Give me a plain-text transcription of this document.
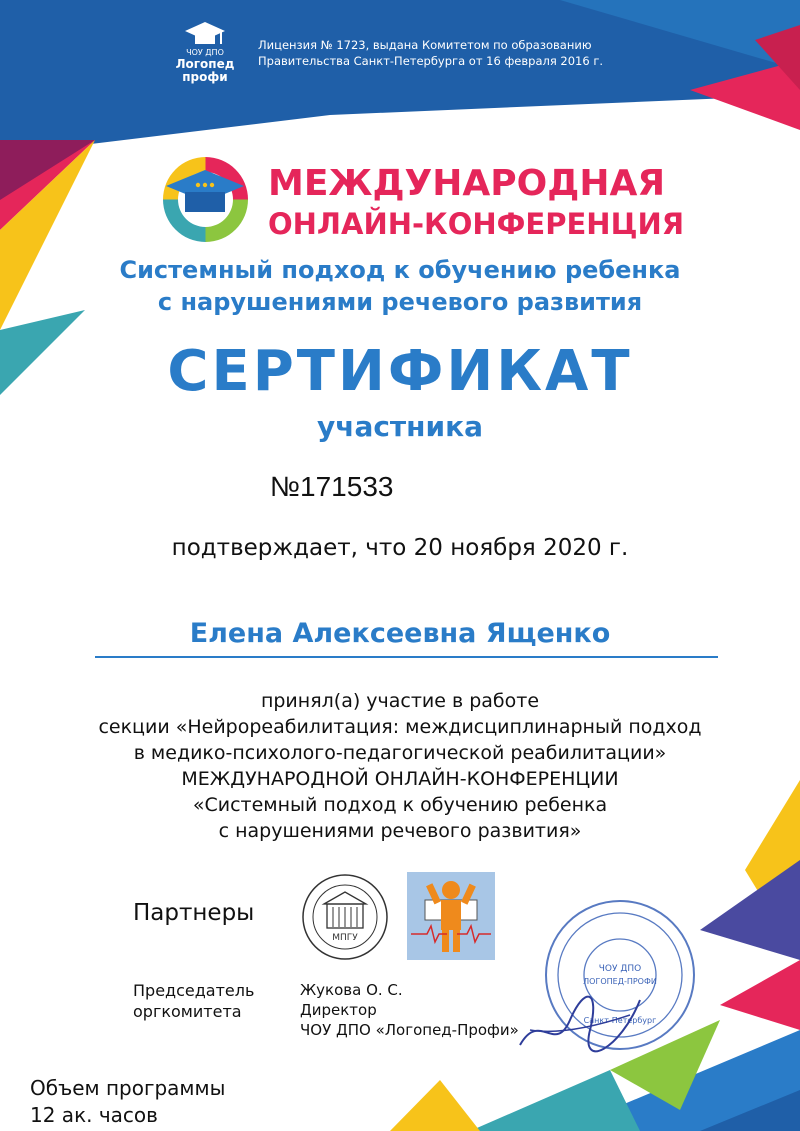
ЧОУ ДПО
Логопед
профи
Лицензия № 1723, выдана Комитетом по образованию
Правительства Санкт-Петербурга от 16 февраля 2016 г.
МЕЖДУНАРОДНАЯ
ОНЛАЙН-КОНФЕРЕНЦИЯ
Системный подход к обучению ребенка
с нарушениями речевого развития
СЕРТИФИКАТ
участника
№171533
подтверждает, что 20 ноября 2020 г.
Елена Алексеевна Ященко
принял(а) участие в работе
секции «Нейрореабилитация: междисциплинарный подход
в медико-психолого-педагогической реабилитации»
МЕЖДУНАРОДНОЙ ОНЛАЙН-КОНФЕРЕНЦИИ
«Системный подход к обучению ребенка
с нарушениями речевого развития»
Партнеры
МПГУ
Председатель
оргкомитета
Жукова О. С.
Директор
ЧОУ ДПО «Логопед-Профи»
ЧОУ ДПО
ЛОГОПЕД-ПРОФИ
Санкт-Петербург
Объем программы
12 ак. часов
